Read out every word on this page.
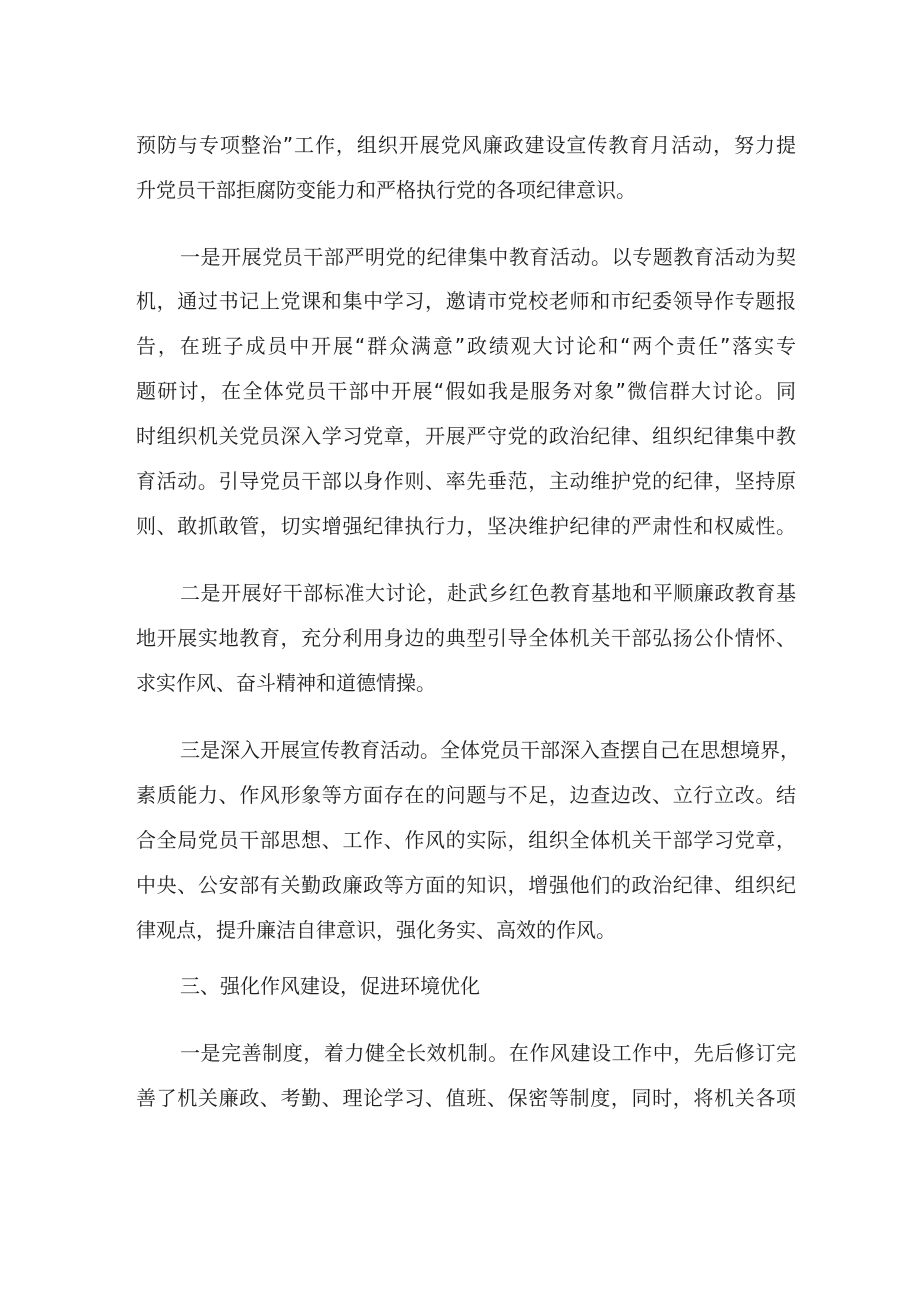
预防与专项整治”工作，组织开展党风廉政建设宣传教育月活动，努力提
升党员干部拒腐防变能力和严格执行党的各项纪律意识。
一是开展党员干部严明党的纪律集中教育活动。以专题教育活动为契
机，通过书记上党课和集中学习，邀请市党校老师和市纪委领导作专题报
告，在班子成员中开展“群众满意”政绩观大讨论和“两个责任”落实专
题研讨，在全体党员干部中开展“假如我是服务对象”微信群大讨论。同
时组织机关党员深入学习党章，开展严守党的政治纪律、组织纪律集中教
育活动。引导党员干部以身作则、率先垂范，主动维护党的纪律，坚持原
则、敢抓敢管，切实增强纪律执行力，坚决维护纪律的严肃性和权威性。
二是开展好干部标准大讨论，赴武乡红色教育基地和平顺廉政教育基
地开展实地教育，充分利用身边的典型引导全体机关干部弘扬公仆情怀、
求实作风、奋斗精神和道德情操。
三是深入开展宣传教育活动。全体党员干部深入查摆自己在思想境界，
素质能力、作风形象等方面存在的问题与不足，边查边改、立行立改。结
合全局党员干部思想、工作、作风的实际，组织全体机关干部学习党章，
中央、公安部有关勤政廉政等方面的知识，增强他们的政治纪律、组织纪
律观点，提升廉洁自律意识，强化务实、高效的作风。
三、强化作风建设，促进环境优化
一是完善制度，着力健全长效机制。在作风建设工作中，先后修订完
善了机关廉政、考勤、理论学习、值班、保密等制度，同时，将机关各项
